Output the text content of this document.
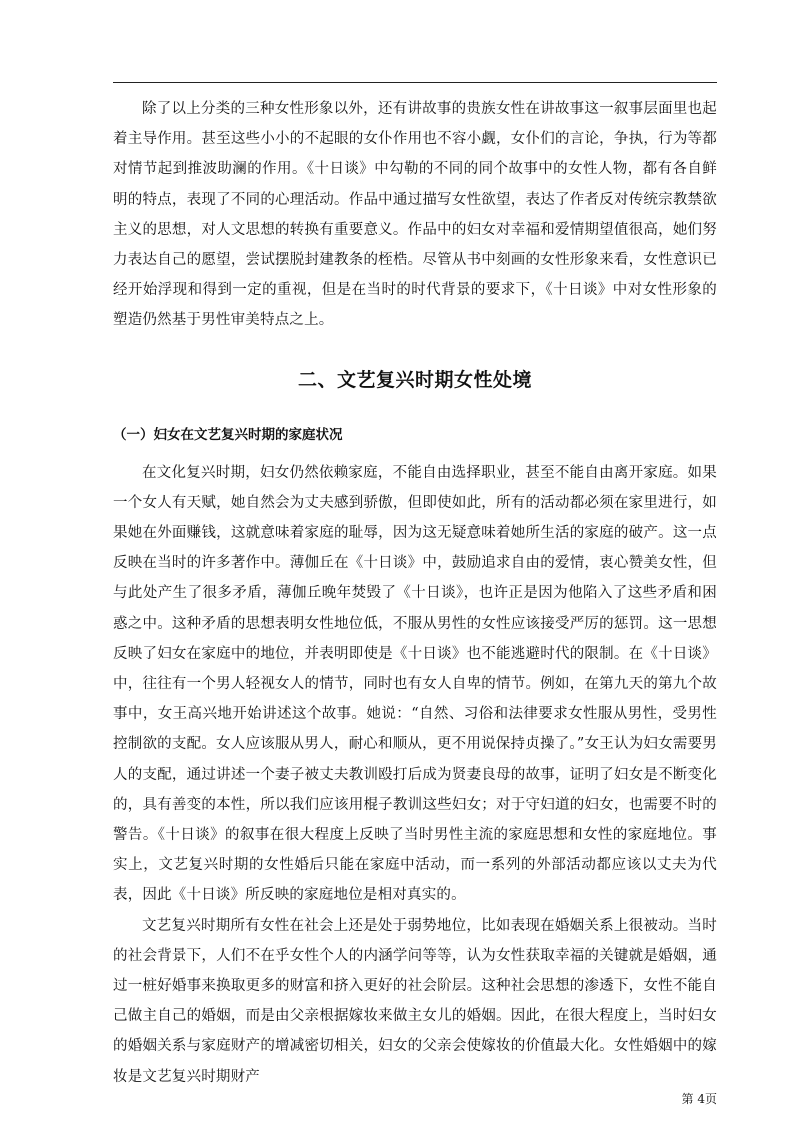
除了以上分类的三种女性形象以外，还有讲故事的贵族女性在讲故事这一叙事层面里也起着主导作用。甚至这些小小的不起眼的女仆作用也不容小觑，女仆们的言论，争执，行为等都对情节起到推波助澜的作用。《十日谈》中勾勒的不同的同个故事中的女性人物，都有各自鲜明的特点，表现了不同的心理活动。作品中通过描写女性欲望，表达了作者反对传统宗教禁欲主义的思想，对人文思想的转换有重要意义。作品中的妇女对幸福和爱情期望值很高，她们努力表达自己的愿望，尝试摆脱封建教条的桎梏。尽管从书中刻画的女性形象来看，女性意识已经开始浮现和得到一定的重视，但是在当时的时代背景的要求下，《十日谈》中对女性形象的塑造仍然基于男性审美特点之上。

二、文艺复兴时期女性处境
（一）妇女在文艺复兴时期的家庭状况

在文化复兴时期，妇女仍然依赖家庭，不能自由选择职业，甚至不能自由离开家庭。如果一个女人有天赋，她自然会为丈夫感到骄傲，但即使如此，所有的活动都必须在家里进行，如果她在外面赚钱，这就意味着家庭的耻辱，因为这无疑意味着她所生活的家庭的破产。这一点反映在当时的许多著作中。薄伽丘在《十日谈》中，鼓励追求自由的爱情，衷心赞美女性，但与此处产生了很多矛盾，薄伽丘晚年焚毁了《十日谈》，也许正是因为他陷入了这些矛盾和困惑之中。这种矛盾的思想表明女性地位低，不服从男性的女性应该接受严厉的惩罚。这一思想反映了妇女在家庭中的地位，并表明即使是《十日谈》也不能逃避时代的限制。在《十日谈》中，往往有一个男人轻视女人的情节，同时也有女人自卑的情节。例如，在第九天的第九个故事中，女王高兴地开始讲述这个故事。她说：“自然、习俗和法律要求女性服从男性，受男性控制欲的支配。女人应该服从男人，耐心和顺从，更不用说保持贞操了。”女王认为妇女需要男人的支配，通过讲述一个妻子被丈夫教训殴打后成为贤妻良母的故事，证明了妇女是不断变化的，具有善变的本性，所以我们应该用棍子教训这些妇女；对于守妇道的妇女，也需要不时的警告。《十日谈》的叙事在很大程度上反映了当时男性主流的家庭思想和女性的家庭地位。事实上，文艺复兴时期的女性婚后只能在家庭中活动，而一系列的外部活动都应该以丈夫为代表，因此《十日谈》所反映的家庭地位是相对真实的。

文艺复兴时期所有女性在社会上还是处于弱势地位，比如表现在婚姻关系上很被动。当时的社会背景下，人们不在乎女性个人的内涵学问等等，认为女性获取幸福的关键就是婚姻，通过一桩好婚事来换取更多的财富和挤入更好的社会阶层。这种社会思想的渗透下，女性不能自己做主自己的婚姻，而是由父亲根据嫁妆来做主女儿的婚姻。因此，在很大程度上，当时妇女的婚姻关系与家庭财产的增减密切相关，妇女的父亲会使嫁妆的价值最大化。女性婚姻中的嫁妆是文艺复兴时期财产

第 4页
